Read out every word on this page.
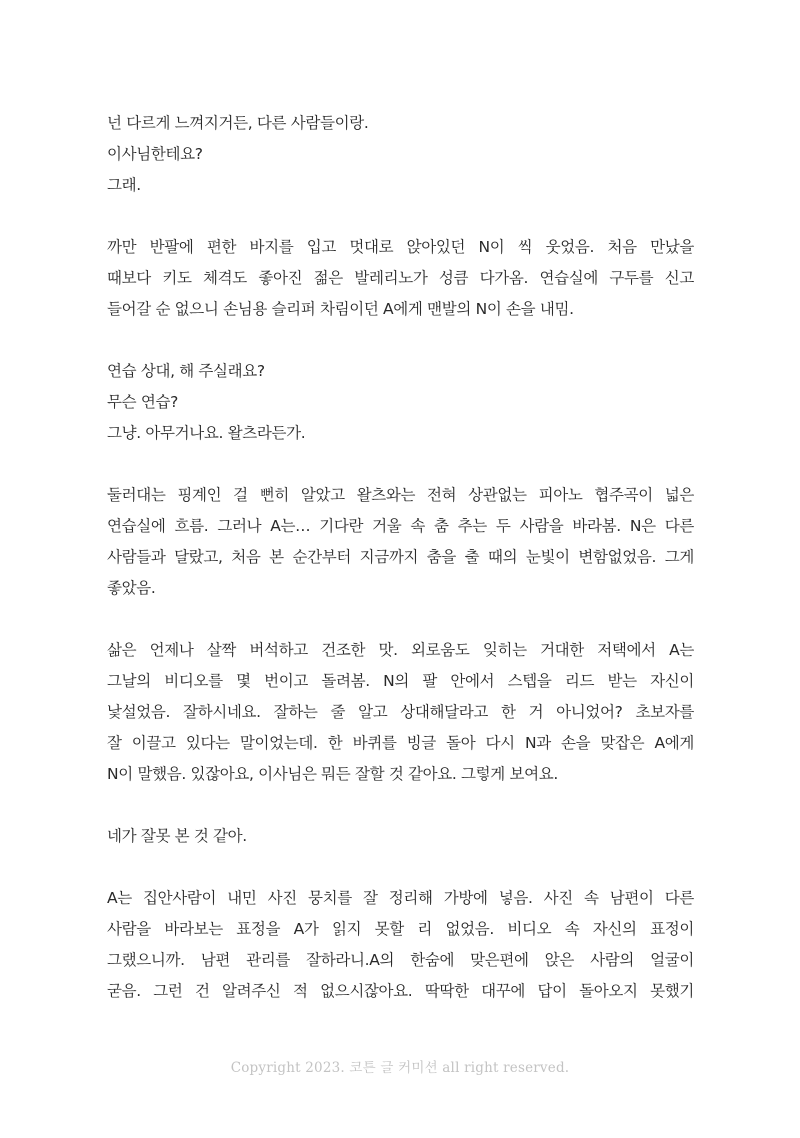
넌 다르게 느껴지거든, 다른 사람들이랑.
이사님한테요?
그래.
까만 반팔에 편한 바지를 입고 멋대로 앉아있던 N이 씩 웃었음. 처음 만났을
때보다 키도 체격도 좋아진 젊은 발레리노가 성큼 다가옴. 연습실에 구두를 신고
들어갈 순 없으니 손님용 슬리퍼 차림이던 A에게 맨발의 N이 손을 내밈.
연습 상대, 해 주실래요?
무슨 연습?
그냥. 아무거나요. 왈츠라든가.
둘러대는 핑계인 걸 뻔히 알았고 왈츠와는 전혀 상관없는 피아노 협주곡이 넓은
연습실에 흐름. 그러나 A는… 기다란 거울 속 춤 추는 두 사람을 바라봄. N은 다른
사람들과 달랐고, 처음 본 순간부터 지금까지 춤을 출 때의 눈빛이 변함없었음. 그게
좋았음.
삶은 언제나 살짝 버석하고 건조한 맛. 외로움도 잊히는 거대한 저택에서 A는
그날의 비디오를 몇 번이고 돌려봄. N의 팔 안에서 스텝을 리드 받는 자신이
낯설었음. 잘하시네요. 잘하는 줄 알고 상대해달라고 한 거 아니었어? 초보자를
잘 이끌고 있다는 말이었는데. 한 바퀴를 빙글 돌아 다시 N과 손을 맞잡은 A에게
N이 말했음. 있잖아요, 이사님은 뭐든 잘할 것 같아요. 그렇게 보여요.
네가 잘못 본 것 같아.
A는 집안사람이 내민 사진 뭉치를 잘 정리해 가방에 넣음. 사진 속 남편이 다른
사람을 바라보는 표정을 A가 읽지 못할 리 없었음. 비디오 속 자신의 표정이
그랬으니까. 남편 관리를 잘하라니.A의 한숨에 맞은편에 앉은 사람의 얼굴이
굳음. 그런 건 알려주신 적 없으시잖아요. 딱딱한 대꾸에 답이 돌아오지 못했기
Copyright 2023. 코튼 글 커미션 all right reserved.
